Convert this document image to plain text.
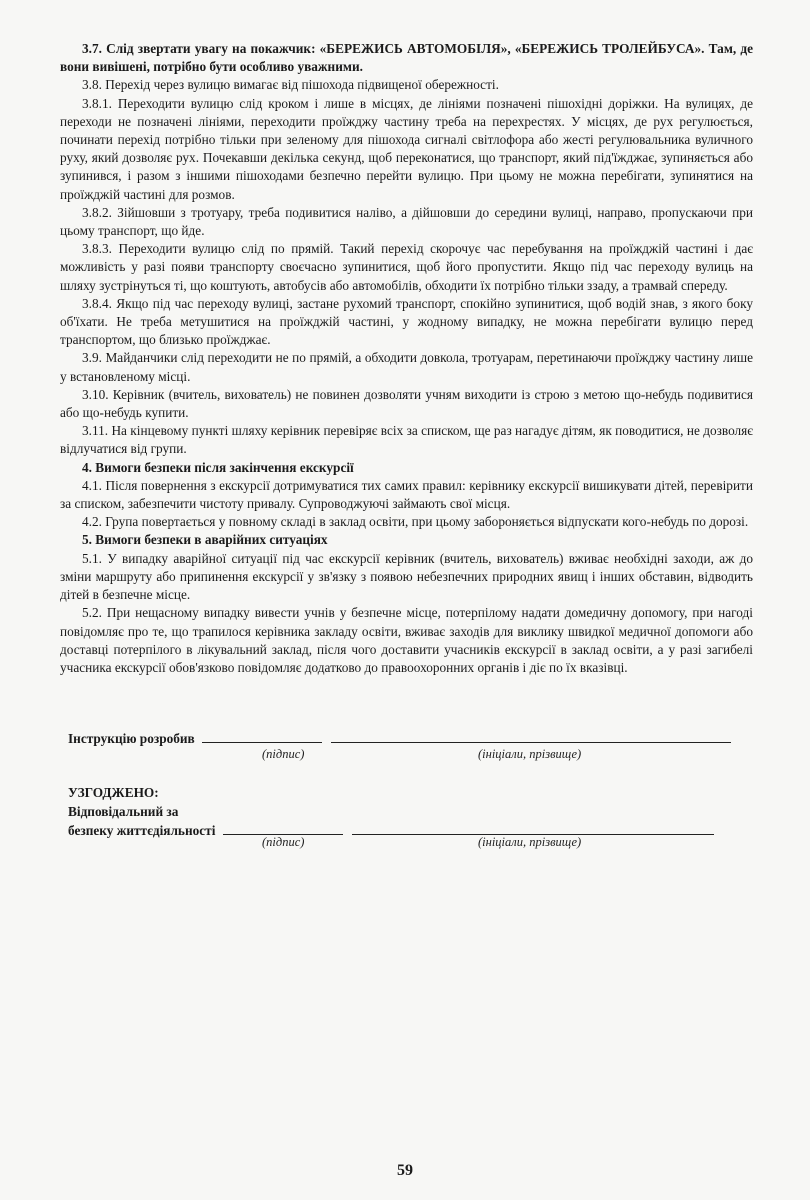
3.7. Слід звертати увагу на покажчик: «БЕРЕЖИСЬ АВТОМОБІЛЯ», «БЕРЕЖИСЬ ТРОЛЕЙБУСА». Там, де вони вивішені, потрібно бути особливо уважними.

3.8. Перехід через вулицю вимагає від пішохода підвищеної обережності.

3.8.1. Переходити вулицю слід кроком і лише в місцях, де лініями позначені пішохідні доріжки. На вулицях, де переходи не позначені лініями, переходити проїжджу частину треба на перехрестях. У місцях, де рух регулюється, починати перехід потрібно тільки при зеленому для пішохода сигналі світлофора або жесті регулювальника вуличного руху, який дозволяє рух. Почекавши декілька секунд, щоб переконатися, що транспорт, який під'їжджає, зупиняється або зупинився, і разом з іншими пішоходами безпечно перейти вулицю. При цьому не можна перебігати, зупинятися на проїжджій частині для розмов.

3.8.2. Зійшовши з тротуару, треба подивитися наліво, а дійшовши до середини вулиці, направо, пропускаючи при цьому транспорт, що йде.

3.8.3. Переходити вулицю слід по прямій. Такий перехід скорочує час перебування на проїжджій частині і дає можливість у разі появи транспорту своєчасно зупинитися, щоб його пропустити. Якщо під час переходу вулиць на шляху зустрінуться ті, що коштують, автобусів або автомобілів, обходити їх потрібно тільки ззаду, а трамвай спереду.

3.8.4. Якщо під час переходу вулиці, застане рухомий транспорт, спокійно зупинитися, щоб водій знав, з якого боку об'їхати. Не треба метушитися на проїжджій частині, у жодному випадку, не можна перебігати вулицю перед транспортом, що близько проїжджає.

3.9. Майданчики слід переходити не по прямій, а обходити довкола, тротуарам, перетинаючи проїжджу частину лише у встановленому місці.

3.10. Керівник (вчитель, вихователь) не повинен дозволяти учням виходити із строю з метою що-небудь подивитися або що-небудь купити.

3.11. На кінцевому пункті шляху керівник перевіряє всіх за списком, ще раз нагадує дітям, як поводитися, не дозволяє відлучатися від групи.

4. Вимоги безпеки після закінчення екскурсії

4.1. Після повернення з екскурсії дотримуватися тих самих правил: керівнику екскурсії вишикувати дітей, перевірити за списком, забезпечити чистоту привалу. Супроводжуючі займають свої місця.

4.2. Група повертається у повному складі в заклад освіти, при цьому забороняється відпускати кого-небудь по дорозі.

5. Вимоги безпеки в аварійних ситуаціях

5.1. У випадку аварійної ситуації під час екскурсії керівник (вчитель, вихователь) вживає необхідні заходи, аж до зміни маршруту або припинення екскурсії у зв'язку з появою небезпечних природних явищ і інших обставин, відводить дітей в безпечне місце.

5.2. При нещасному випадку вивести учнів у безпечне місце, потерпілому надати домедичну допомогу, при нагоді повідомляє про те, що трапилося керівника закладу освіти, вживає заходів для виклику швидкої медичної допомоги або доставці потерпілого в лікувальний заклад, після чого доставити учасників екскурсії в заклад освіти, а у разі загибелі учасника екскурсії обов'язково повідомляє додатково до правоохоронних органів і діє по їх вказівці.

Інструкцію розробив
(підпис)	(ініціали, прізвище)
УЗГОДЖЕНО:
Відповідальний за
безпеку життєдіяльності
(підпис)	(ініціали, прізвище)
59
